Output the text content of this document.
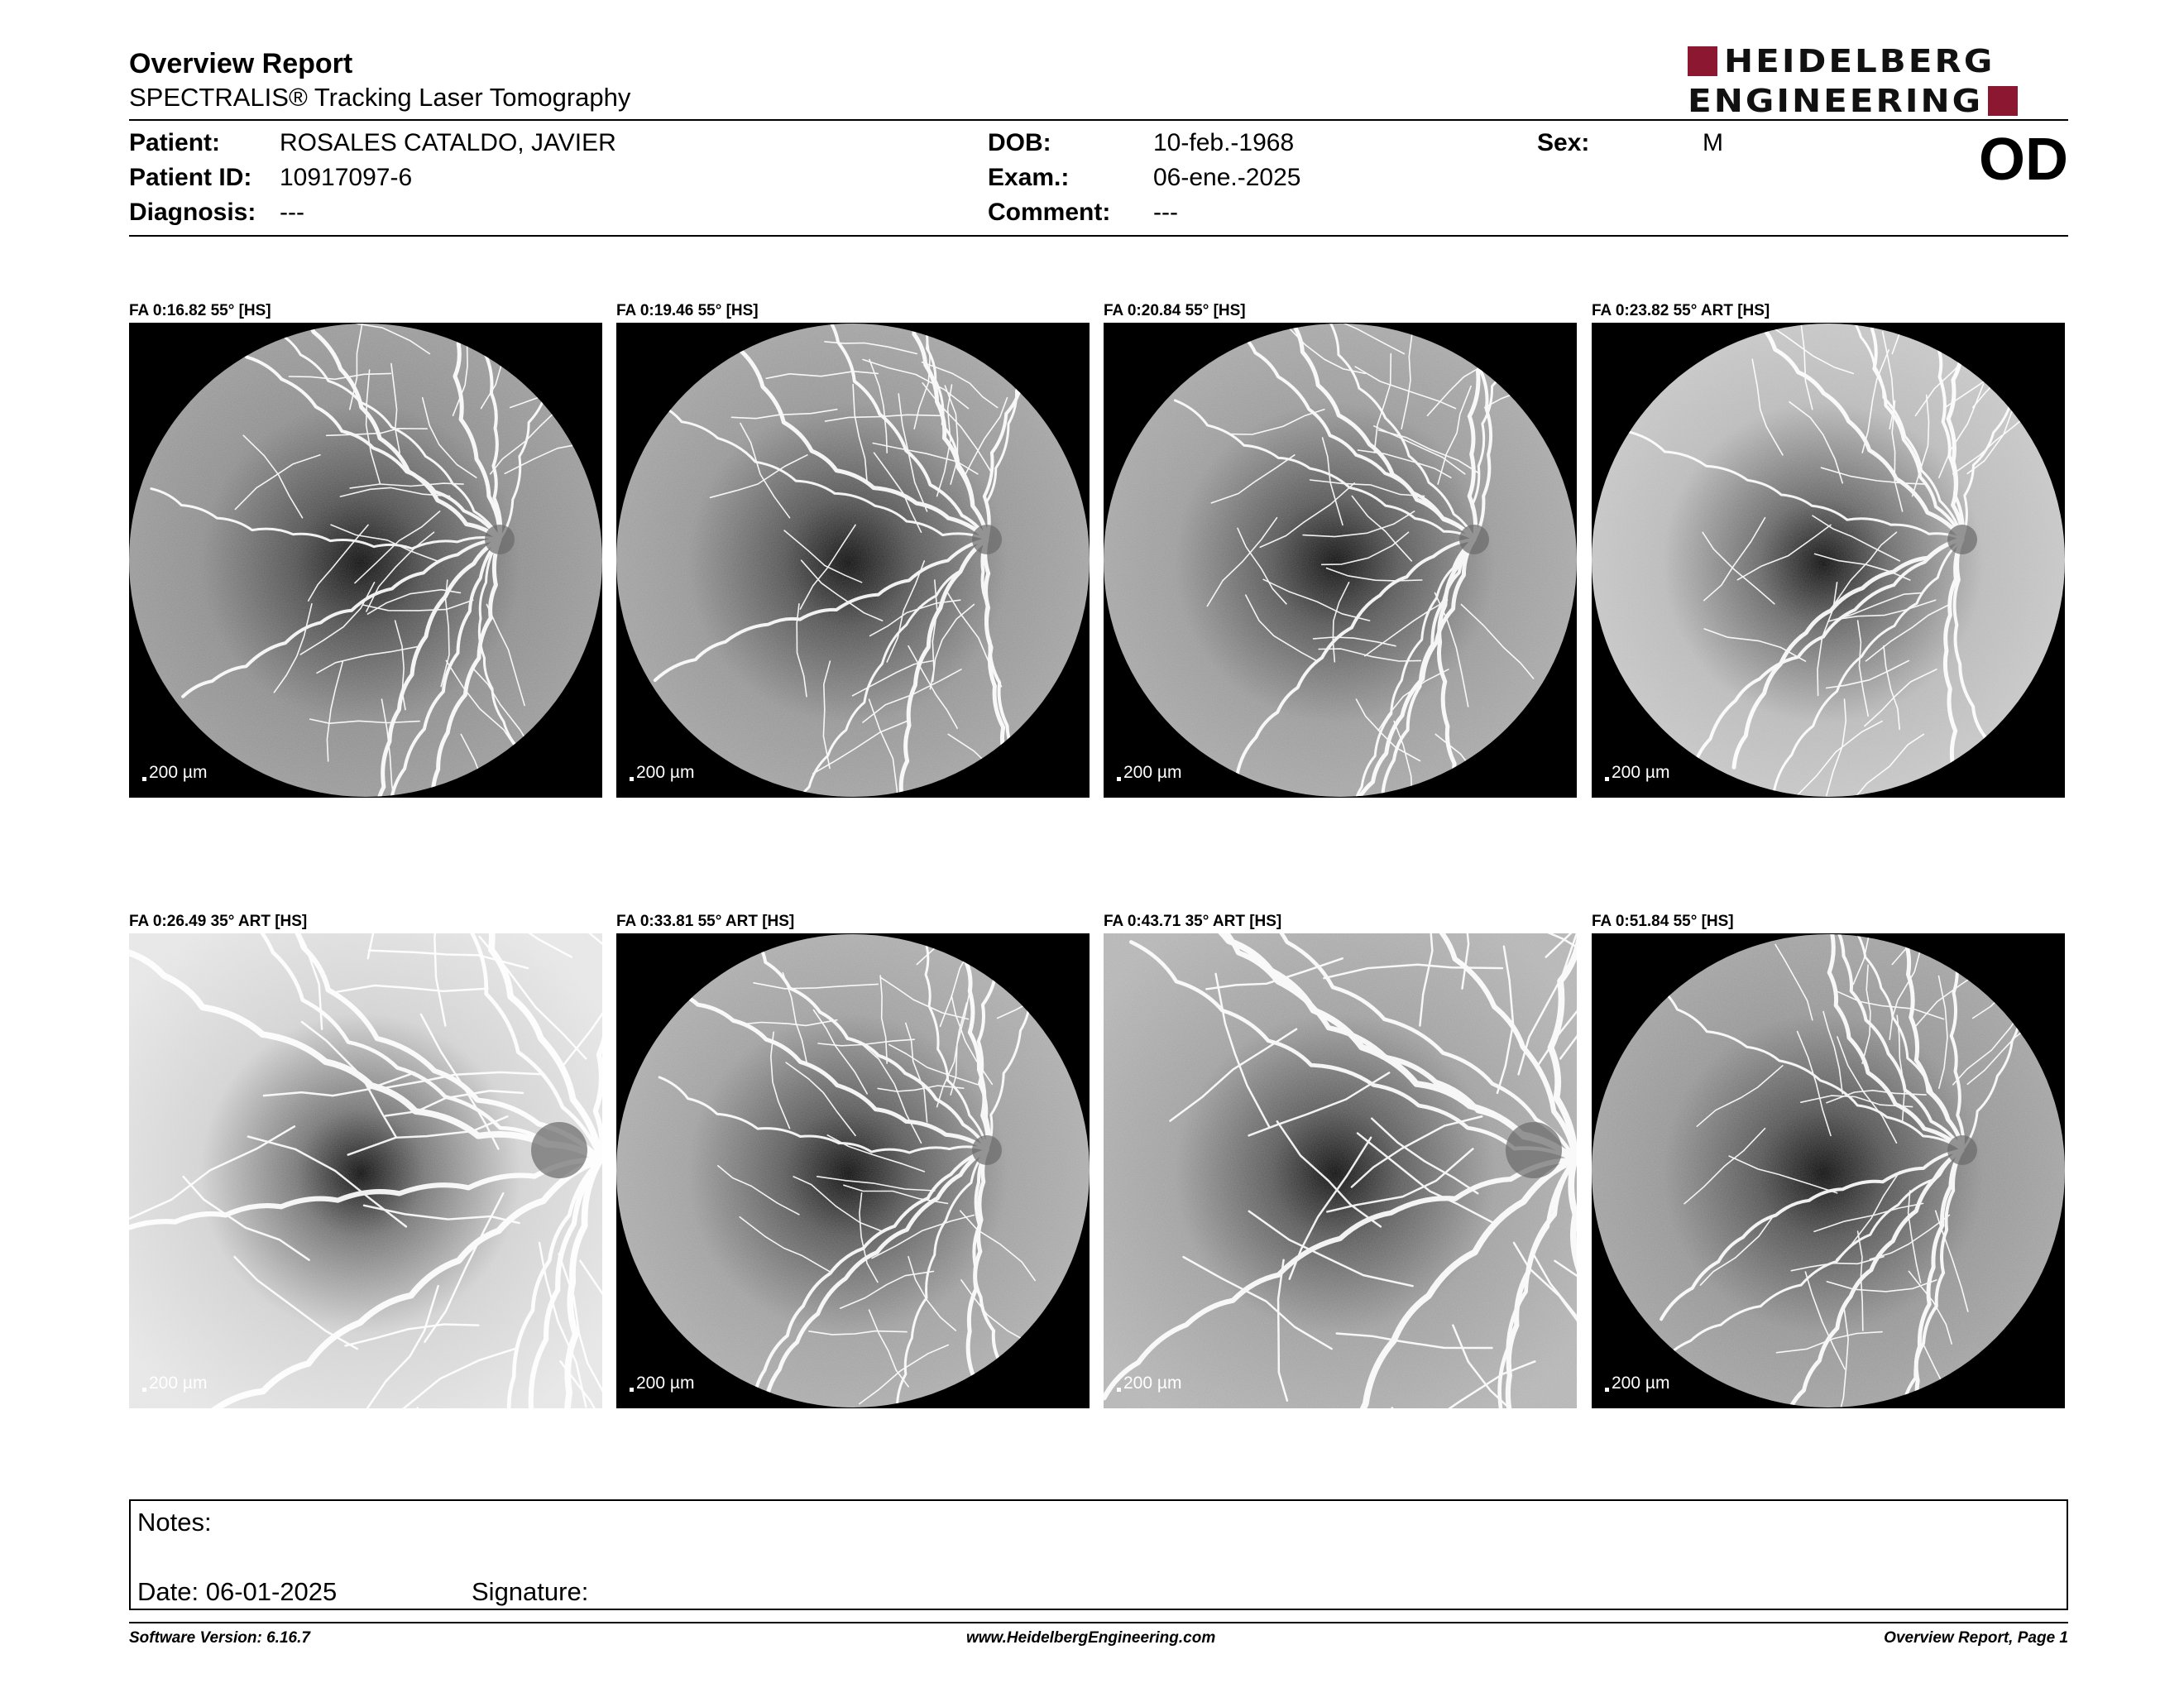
Overview Report
SPECTRALIS® Tracking Laser Tomography
HEIDELBERG
ENGINEERING
Patient: ROSALES CATALDO, JAVIER
Patient ID: 10917097-6
Diagnosis: ---
DOB:	10-feb.-1968
Exam.:	06-ene.-2025
Comment: ---
Sex:	M	OD
FA 0:16.82 55° [HS]
200 µm
FA 0:19.46 55° [HS]
200 µm
FA 0:20.84 55° [HS]
200 µm
FA 0:23.82 55° ART [HS]
200 µm
FA 0:26.49 35° ART [HS]
200 µm
FA 0:33.81 55° ART [HS]
200 µm
FA 0:43.71 35° ART [HS]
200 µm
FA 0:51.84 55° [HS]
200 µm
Notes:
Date: 06-01-2025	Signature:
Software Version: 6.16.7	www.HeidelbergEngineering.com	Overview Report, Page 1
